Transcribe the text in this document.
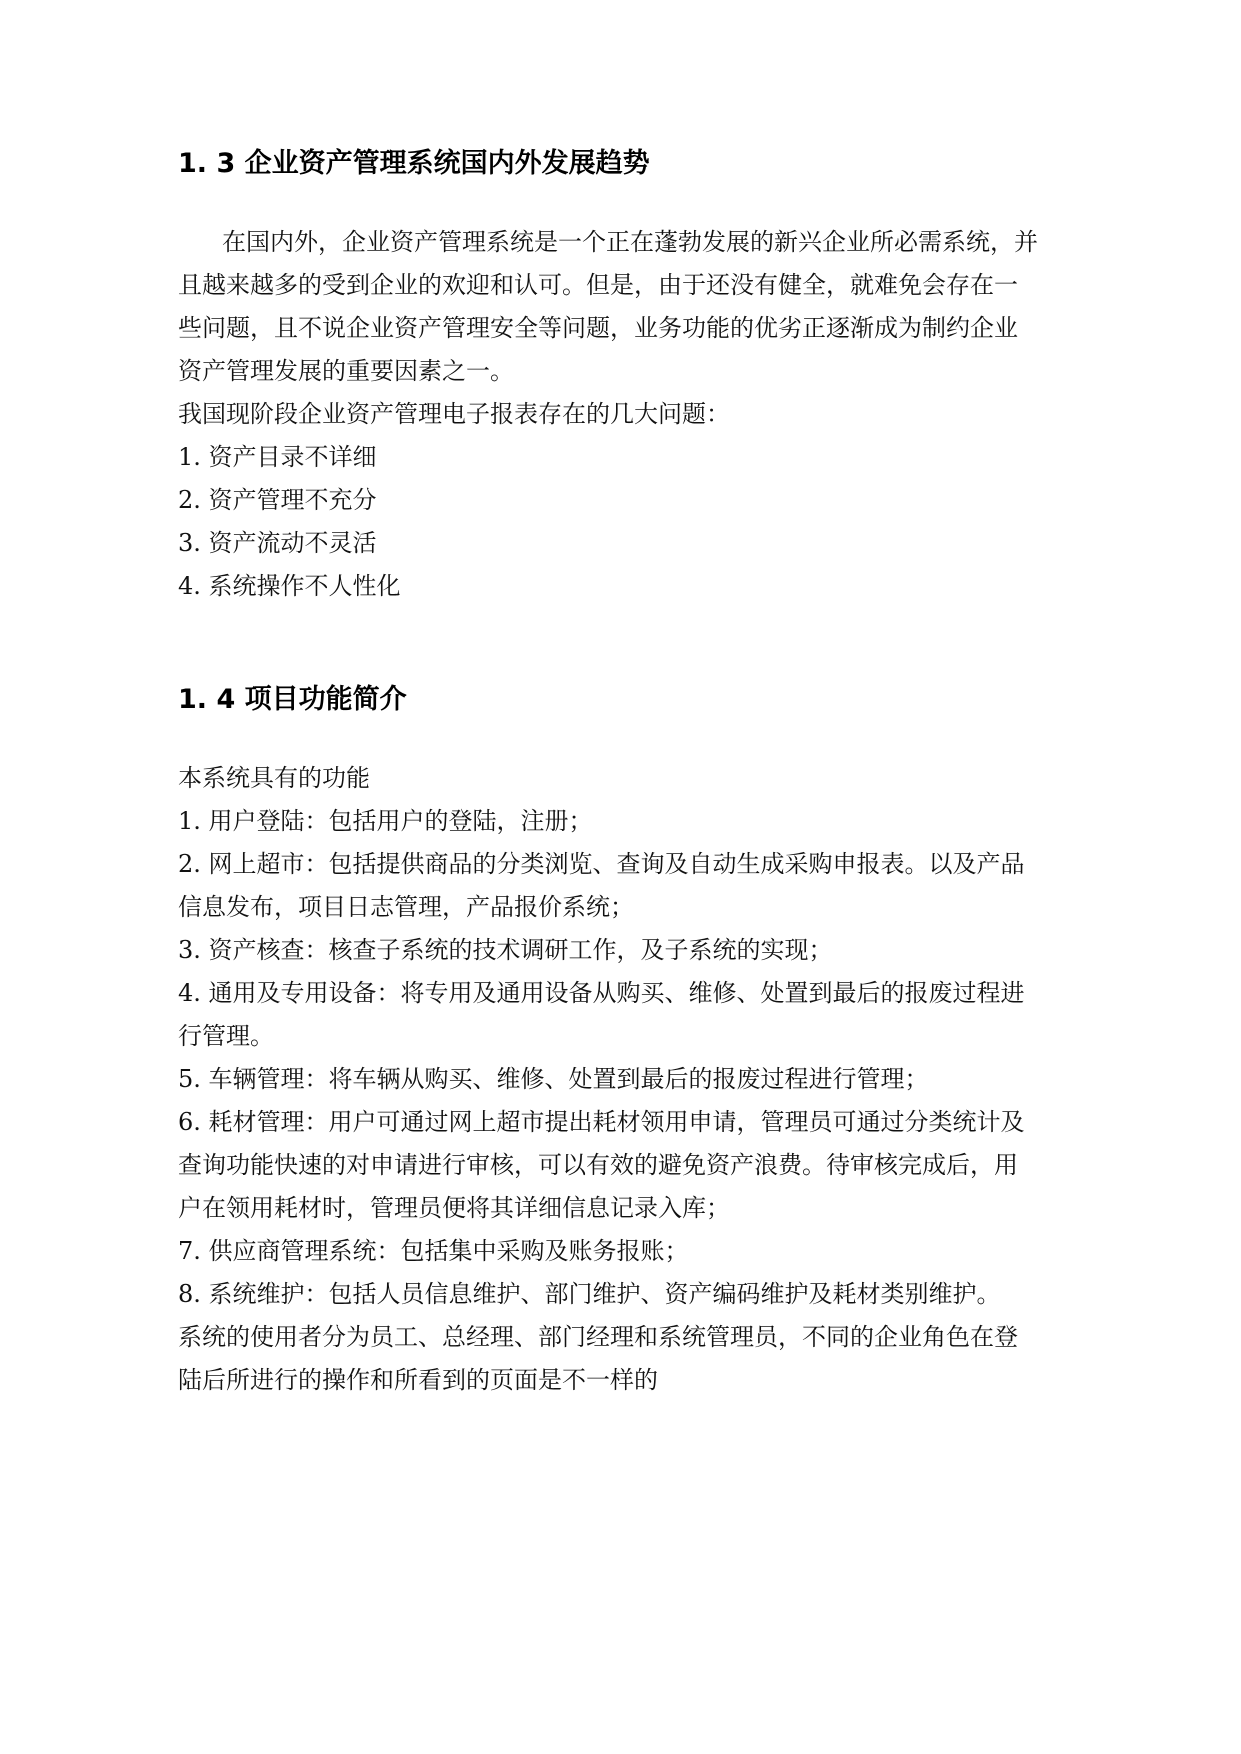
1. 3 企业资产管理系统国内外发展趋势
在国内外，企业资产管理系统是一个正在蓬勃发展的新兴企业所必需系统，并
且越来越多的受到企业的欢迎和认可。但是，由于还没有健全，就难免会存在一
些问题，且不说企业资产管理安全等问题，业务功能的优劣正逐渐成为制约企业
资产管理发展的重要因素之一。
我国现阶段企业资产管理电子报表存在的几大问题：
1. 资产目录不详细
2. 资产管理不充分
3. 资产流动不灵活
4. 系统操作不人性化
1. 4 项目功能简介
本系统具有的功能
1. 用户登陆：包括用户的登陆，注册；
2. 网上超市：包括提供商品的分类浏览、查询及自动生成采购申报表。以及产品
信息发布，项目日志管理，产品报价系统；
3. 资产核查：核查子系统的技术调研工作，及子系统的实现；
4. 通用及专用设备：将专用及通用设备从购买、维修、处置到最后的报废过程进
行管理。
5. 车辆管理：将车辆从购买、维修、处置到最后的报废过程进行管理；
6. 耗材管理：用户可通过网上超市提出耗材领用申请，管理员可通过分类统计及
查询功能快速的对申请进行审核，可以有效的避免资产浪费。待审核完成后，用
户在领用耗材时，管理员便将其详细信息记录入库；
7. 供应商管理系统：包括集中采购及账务报账；
8. 系统维护：包括人员信息维护、部门维护、资产编码维护及耗材类别维护。
系统的使用者分为员工、总经理、部门经理和系统管理员，不同的企业角色在登
陆后所进行的操作和所看到的页面是不一样的
